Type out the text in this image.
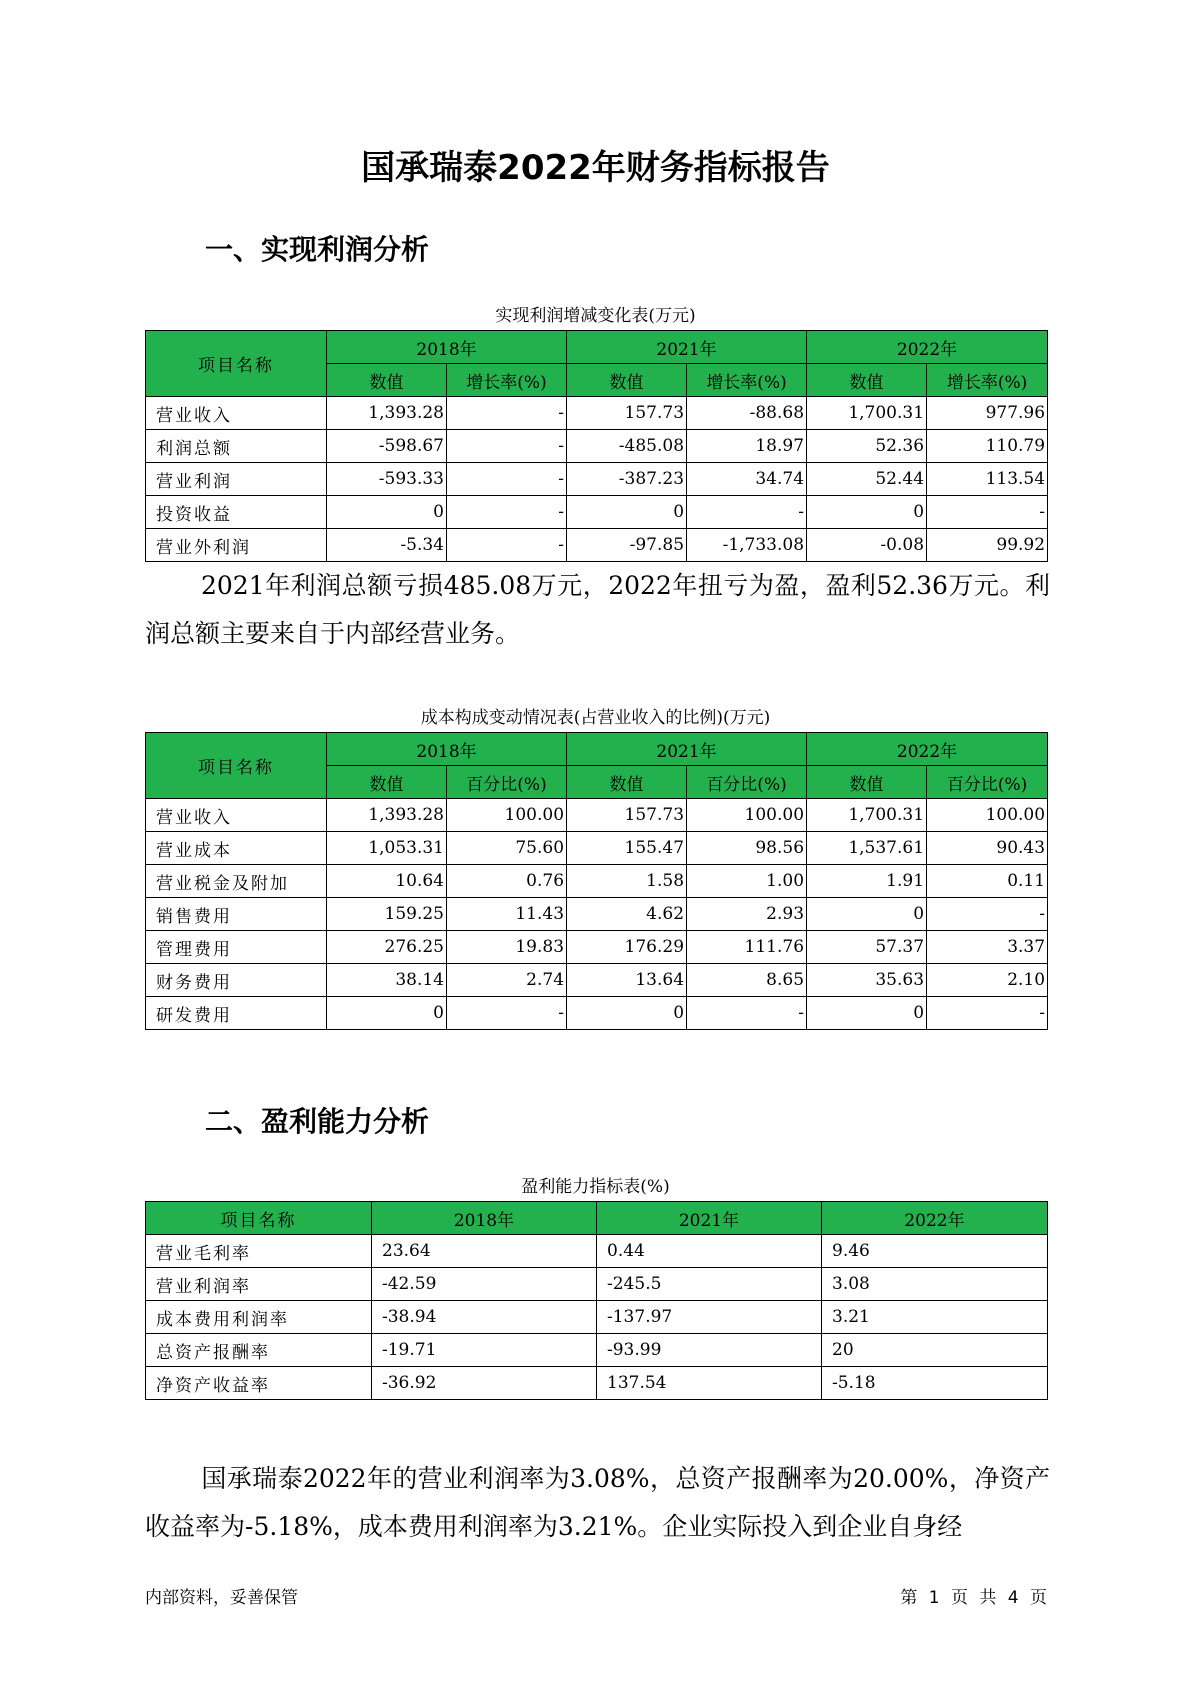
国承瑞泰2022年财务指标报告
一、实现利润分析
实现利润增减变化表(万元)
项目名称	2018年		2021年		2022年	
	数值	增长率(%)	数值	增长率(%)	数值	增长率(%)
营业收入	1,393.28	-	157.73	-88.68	1,700.31	977.96
利润总额	-598.67	-	-485.08	18.97	52.36	110.79
营业利润	-593.33	-	-387.23	34.74	52.44	113.54
投资收益	0	-	0	-	0	-
营业外利润	-5.34	-	-97.85	-1,733.08	-0.08	99.92

2021年利润总额亏损485.08万元，2022年扭亏为盈，盈利52.36万元。利润总额主要来自于内部经营业务。

成本构成变动情况表(占营业收入的比例)(万元)
项目名称	2018年		2021年		2022年	
	数值	百分比(%)	数值	百分比(%)	数值	百分比(%)
营业收入	1,393.28	100.00	157.73	100.00	1,700.31	100.00
营业成本	1,053.31	75.60	155.47	98.56	1,537.61	90.43
营业税金及附加	10.64	0.76	1.58	1.00	1.91	0.11
销售费用	159.25	11.43	4.62	2.93	0	-
管理费用	276.25	19.83	176.29	111.76	57.37	3.37
财务费用	38.14	2.74	13.64	8.65	35.63	2.10
研发费用	0	-	0	-	0	-
二、盈利能力分析
盈利能力指标表(%)
项目名称	2018年	2021年	2022年
营业毛利率	23.64	0.44	9.46
营业利润率	-42.59	-245.5	3.08
成本费用利润率	-38.94	-137.97	3.21
总资产报酬率	-19.71	-93.99	20
净资产收益率	-36.92	137.54	-5.18

国承瑞泰2022年的营业利润率为3.08%，总资产报酬率为20.00%，净资产收益率为-5.18%，成本费用利润率为3.21%。企业实际投入到企业自身经

内部资料，妥善保管	第 1 页 共 4 页
